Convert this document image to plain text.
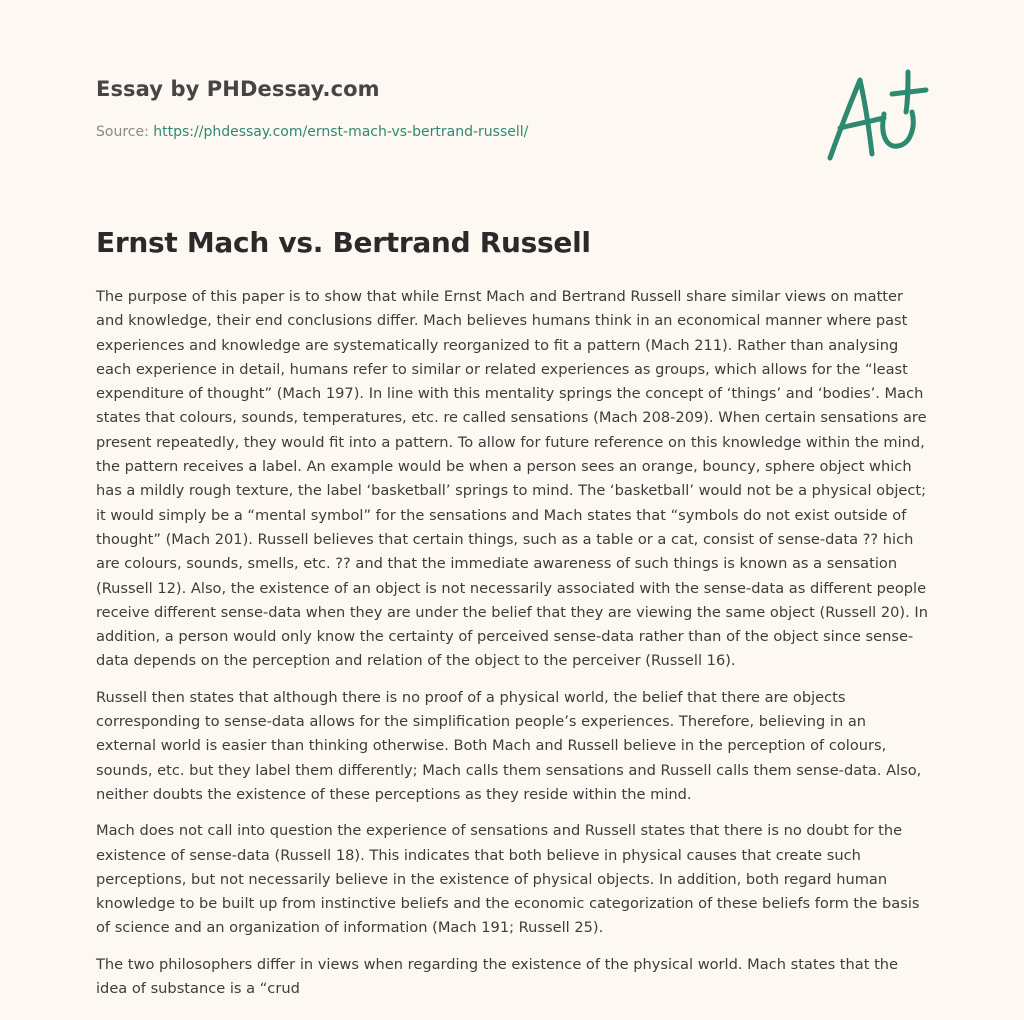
Essay by PHDessay.com
Source: https://phdessay.com/ernst-mach-vs-bertrand-russell/
Ernst Mach vs. Bertrand Russell

The purpose of this paper is to show that while Ernst Mach and Bertrand Russell share similar views on matter and knowledge, their end conclusions differ. Mach believes humans think in an economical manner where past experiences and knowledge are systematically reorganized to fit a pattern (Mach 211). Rather than analysing each experience in detail, humans refer to similar or related experiences as groups, which allows for the “least expenditure of thought” (Mach 197). In line with this mentality springs the concept of ‘things’ and ‘bodies’. Mach states that colours, sounds, temperatures, etc. re called sensations (Mach 208-209). When certain sensations are present repeatedly, they would fit into a pattern. To allow for future reference on this knowledge within the mind, the pattern receives a label. An example would be when a person sees an orange, bouncy, sphere object which has a mildly rough texture, the label ‘basketball’ springs to mind. The ‘basketball’ would not be a physical object; it would simply be a “mental symbol” for the sensations and Mach states that “symbols do not exist outside of thought” (Mach 201). Russell believes that certain things, such as a table or a cat, consist of sense-data ?? hich are colours, sounds, smells, etc. ?? and that the immediate awareness of such things is known as a sensation (Russell 12). Also, the existence of an object is not necessarily associated with the sense-data as different people receive different sense-data when they are under the belief that they are viewing the same object (Russell 20). In addition, a person would only know the certainty of perceived sense-data rather than of the object since sense-data depends on the perception and relation of the object to the perceiver (Russell 16).

Russell then states that although there is no proof of a physical world, the belief that there are objects corresponding to sense-data allows for the simplification people’s experiences. Therefore, believing in an external world is easier than thinking otherwise. Both Mach and Russell believe in the perception of colours, sounds, etc. but they label them differently; Mach calls them sensations and Russell calls them sense-data. Also, neither doubts the existence of these perceptions as they reside within the mind.

Mach does not call into question the experience of sensations and Russell states that there is no doubt for the existence of sense-data (Russell 18). This indicates that both believe in physical causes that create such perceptions, but not necessarily believe in the existence of physical objects. In addition, both regard human knowledge to be built up from instinctive beliefs and the economic categorization of these beliefs form the basis of science and an organization of information (Mach 191; Russell 25).

The two philosophers differ in views when regarding the existence of the physical world. Mach states that the idea of substance is a “crud
